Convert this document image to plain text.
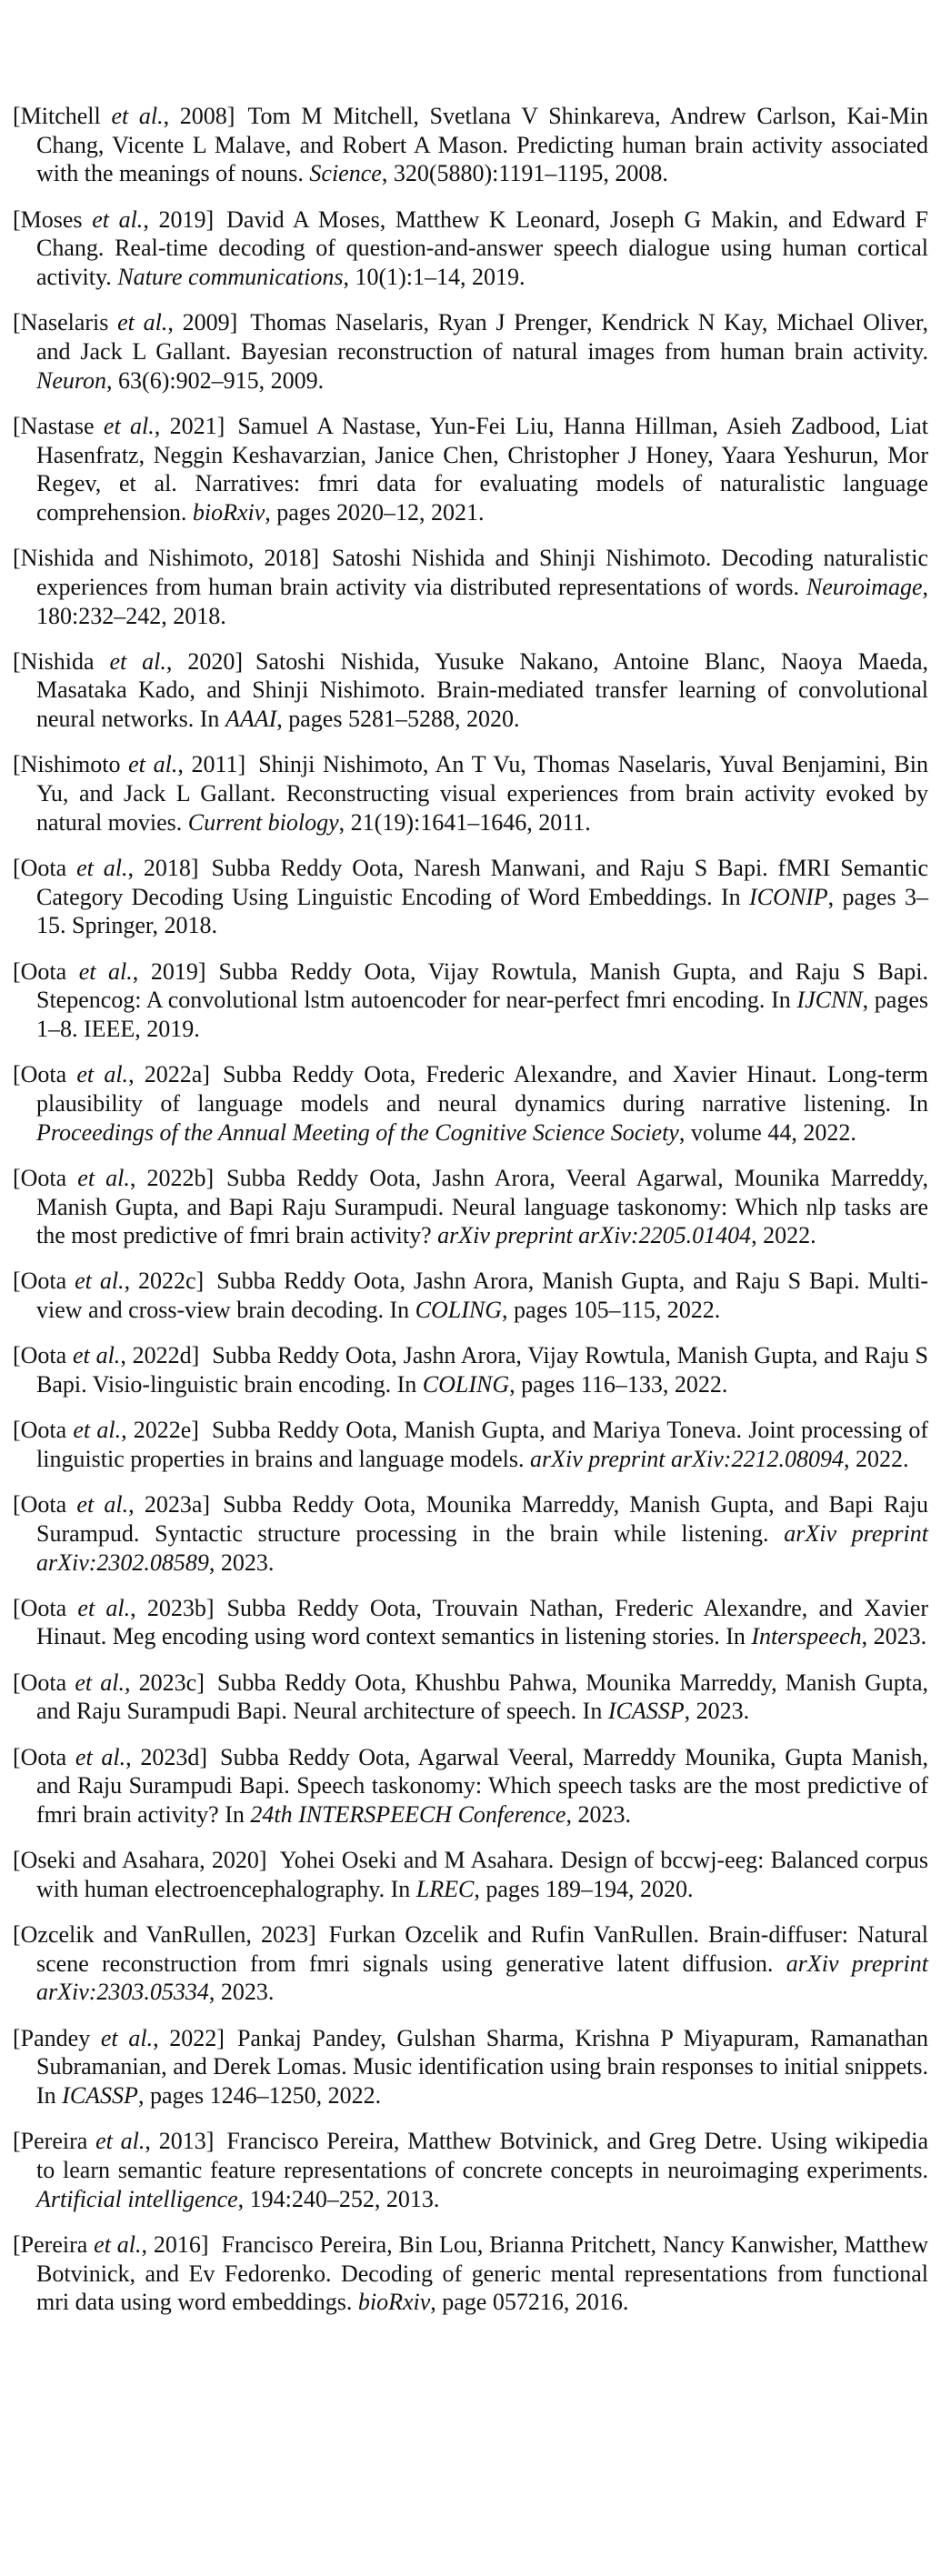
[Mitchell et al., 2008] Tom M Mitchell, Svetlana V Shinkareva, Andrew Carlson, Kai-Min Chang, Vicente L Malave, and Robert A Mason. Predicting human brain activity associated with the meanings of nouns. Science, 320(5880):1191–1195, 2008.

[Moses et al., 2019] David A Moses, Matthew K Leonard, Joseph G Makin, and Edward F Chang. Real-time decoding of question-and-answer speech dialogue using human cortical activity. Nature communications, 10(1):1–14, 2019.

[Naselaris et al., 2009] Thomas Naselaris, Ryan J Prenger, Kendrick N Kay, Michael Oliver, and Jack L Gallant. Bayesian reconstruction of natural images from human brain activity. Neuron, 63(6):902–915, 2009.

[Nastase et al., 2021] Samuel A Nastase, Yun-Fei Liu, Hanna Hillman, Asieh Zadbood, Liat Hasenfratz, Neggin Keshavarzian, Janice Chen, Christopher J Honey, Yaara Yeshurun, Mor Regev, et al. Narratives: fmri data for evaluating models of naturalistic language comprehension. bioRxiv, pages 2020–12, 2021.

[Nishida and Nishimoto, 2018] Satoshi Nishida and Shinji Nishimoto. Decoding naturalistic experiences from human brain activity via distributed representations of words. Neuroimage, 180:232–242, 2018.

[Nishida et al., 2020] Satoshi Nishida, Yusuke Nakano, Antoine Blanc, Naoya Maeda, Masataka Kado, and Shinji Nishimoto. Brain-mediated transfer learning of convolutional neural networks. In AAAI, pages 5281–5288, 2020.

[Nishimoto et al., 2011] Shinji Nishimoto, An T Vu, Thomas Naselaris, Yuval Benjamini, Bin Yu, and Jack L Gallant. Reconstructing visual experiences from brain activity evoked by natural movies. Current biology, 21(19):1641–1646, 2011.

[Oota et al., 2018] Subba Reddy Oota, Naresh Manwani, and Raju S Bapi. fMRI Semantic Category Decoding Using Linguistic Encoding of Word Embeddings. In ICONIP, pages 3–15. Springer, 2018.

[Oota et al., 2019] Subba Reddy Oota, Vijay Rowtula, Manish Gupta, and Raju S Bapi. Stepencog: A convolutional lstm autoencoder for near-perfect fmri encoding. In IJCNN, pages 1–8. IEEE, 2019.

[Oota et al., 2022a] Subba Reddy Oota, Frederic Alexandre, and Xavier Hinaut. Long-term plausibility of language models and neural dynamics during narrative listening. In Proceedings of the Annual Meeting of the Cognitive Science Society, volume 44, 2022.

[Oota et al., 2022b] Subba Reddy Oota, Jashn Arora, Veeral Agarwal, Mounika Marreddy, Manish Gupta, and Bapi Raju Surampudi. Neural language taskonomy: Which nlp tasks are the most predictive of fmri brain activity? arXiv preprint arXiv:2205.01404, 2022.

[Oota et al., 2022c] Subba Reddy Oota, Jashn Arora, Manish Gupta, and Raju S Bapi. Multi-view and cross-view brain decoding. In COLING, pages 105–115, 2022.

[Oota et al., 2022d] Subba Reddy Oota, Jashn Arora, Vijay Rowtula, Manish Gupta, and Raju S Bapi. Visio-linguistic brain encoding. In COLING, pages 116–133, 2022.

[Oota et al., 2022e] Subba Reddy Oota, Manish Gupta, and Mariya Toneva. Joint processing of linguistic properties in brains and language models. arXiv preprint arXiv:2212.08094, 2022.

[Oota et al., 2023a] Subba Reddy Oota, Mounika Marreddy, Manish Gupta, and Bapi Raju Surampud. Syntactic structure processing in the brain while listening. arXiv preprint arXiv:2302.08589, 2023.

[Oota et al., 2023b] Subba Reddy Oota, Trouvain Nathan, Frederic Alexandre, and Xavier Hinaut. Meg encoding using word context semantics in listening stories. In Interspeech, 2023.

[Oota et al., 2023c] Subba Reddy Oota, Khushbu Pahwa, Mounika Marreddy, Manish Gupta, and Raju Surampudi Bapi. Neural architecture of speech. In ICASSP, 2023.

[Oota et al., 2023d] Subba Reddy Oota, Agarwal Veeral, Marreddy Mounika, Gupta Manish, and Raju Surampudi Bapi. Speech taskonomy: Which speech tasks are the most predictive of fmri brain activity? In 24th INTERSPEECH Conference, 2023.

[Oseki and Asahara, 2020] Yohei Oseki and M Asahara. Design of bccwj-eeg: Balanced corpus with human electroencephalography. In LREC, pages 189–194, 2020.

[Ozcelik and VanRullen, 2023] Furkan Ozcelik and Rufin VanRullen. Brain-diffuser: Natural scene reconstruction from fmri signals using generative latent diffusion. arXiv preprint arXiv:2303.05334, 2023.

[Pandey et al., 2022] Pankaj Pandey, Gulshan Sharma, Krishna P Miyapuram, Ramanathan Subramanian, and Derek Lomas. Music identification using brain responses to initial snippets. In ICASSP, pages 1246–1250, 2022.

[Pereira et al., 2013] Francisco Pereira, Matthew Botvinick, and Greg Detre. Using wikipedia to learn semantic feature representations of concrete concepts in neuroimaging experiments. Artificial intelligence, 194:240–252, 2013.

[Pereira et al., 2016] Francisco Pereira, Bin Lou, Brianna Pritchett, Nancy Kanwisher, Matthew Botvinick, and Ev Fedorenko. Decoding of generic mental representations from functional mri data using word embeddings. bioRxiv, page 057216, 2016.
